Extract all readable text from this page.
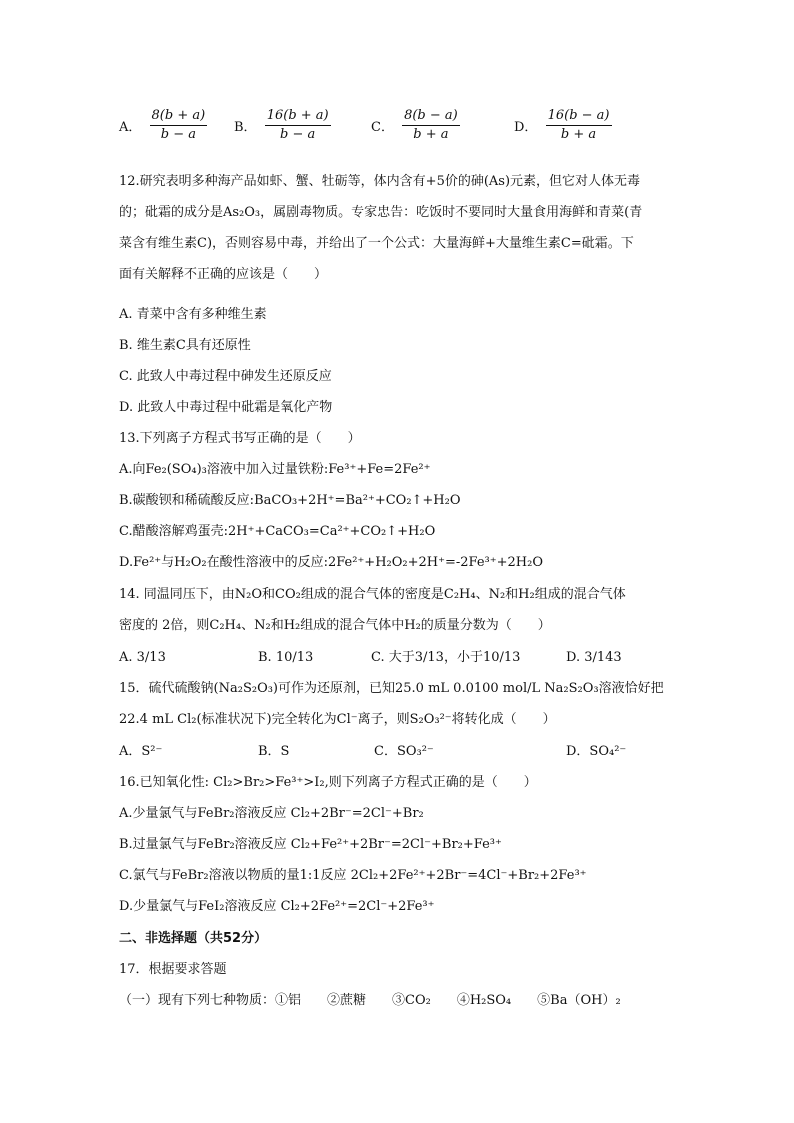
A． $\frac{8(b + a)}{b - a}$ B． $\frac{16(b + a)}{b - a}$	C． $\frac{8(b - a)}{b + a}$	D． $\frac{16(b - a)}{b + a}$
12.研究表明多种海产品如虾、蟹、牡砺等，体内含有+5价的砷(As)元素，但它对人体无毒
的；砒霜的成分是As₂O₃，属剧毒物质。专家忠告：吃饭时不要同时大量食用海鲜和青菜(青
菜含有维生素C)，否则容易中毒，并给出了一个公式：大量海鲜+大量维生素C=砒霜。下
面有关解释不正确的应该是（　　）
A. 青菜中含有多种维生素
B. 维生素C具有还原性
C. 此致人中毒过程中砷发生还原反应
D. 此致人中毒过程中砒霜是氧化产物
13.下列离子方程式书写正确的是（　　）
A.向Fe₂(SO₄)₃溶液中加入过量铁粉:Fe³⁺+Fe=2Fe²⁺
B.碳酸钡和稀硫酸反应:BaCO₃+2H⁺=Ba²⁺+CO₂↑+H₂O
C.醋酸溶解鸡蛋壳:2H⁺+CaCO₃=Ca²⁺+CO₂↑+H₂O
D.Fe²⁺与H₂O₂在酸性溶液中的反应:2Fe²⁺+H₂O₂+2H⁺=-2Fe³⁺+2H₂O
14. 同温同压下，由N₂O和CO₂组成的混合气体的密度是C₂H₄、N₂和H₂组成的混合气体
密度的 2倍，则C₂H₄、N₂和H₂组成的混合气体中H₂的质量分数为（　　）
A. 3/13	B. 10/13	C. 大于3/13，小于10/13	D. 3/143
15．硫代硫酸钠(Na₂S₂O₃)可作为还原剂，已知25.0 mL 0.0100 mol/L Na₂S₂O₃溶液恰好把
22.4 mL Cl₂(标准状况下)完全转化为Cl⁻离子，则S₂O₃²⁻将转化成（　　）
A．S²⁻	B．S	C．SO₃²⁻	D．SO₄²⁻
16.已知氧化性: Cl₂>Br₂>Fe³⁺>I₂,则下列离子方程式正确的是（　　）
A.少量氯气与FeBr₂溶液反应 Cl₂+2Br⁻=2Cl⁻+Br₂
B.过量氯气与FeBr₂溶液反应 Cl₂+Fe²⁺+2Br⁻=2Cl⁻+Br₂+Fe³⁺
C.氯气与FeBr₂溶液以物质的量1:1反应 2Cl₂+2Fe²⁺+2Br⁻=4Cl⁻+Br₂+2Fe³⁺
D.少量氯气与FeI₂溶液反应 Cl₂+2Fe²⁺=2Cl⁻+2Fe³⁺
二、非选择题（共52分）
17．根据要求答题
（一）现有下列七种物质：①铝　　②蔗糖　　③CO₂　　④H₂SO₄　　⑤Ba（OH）₂
